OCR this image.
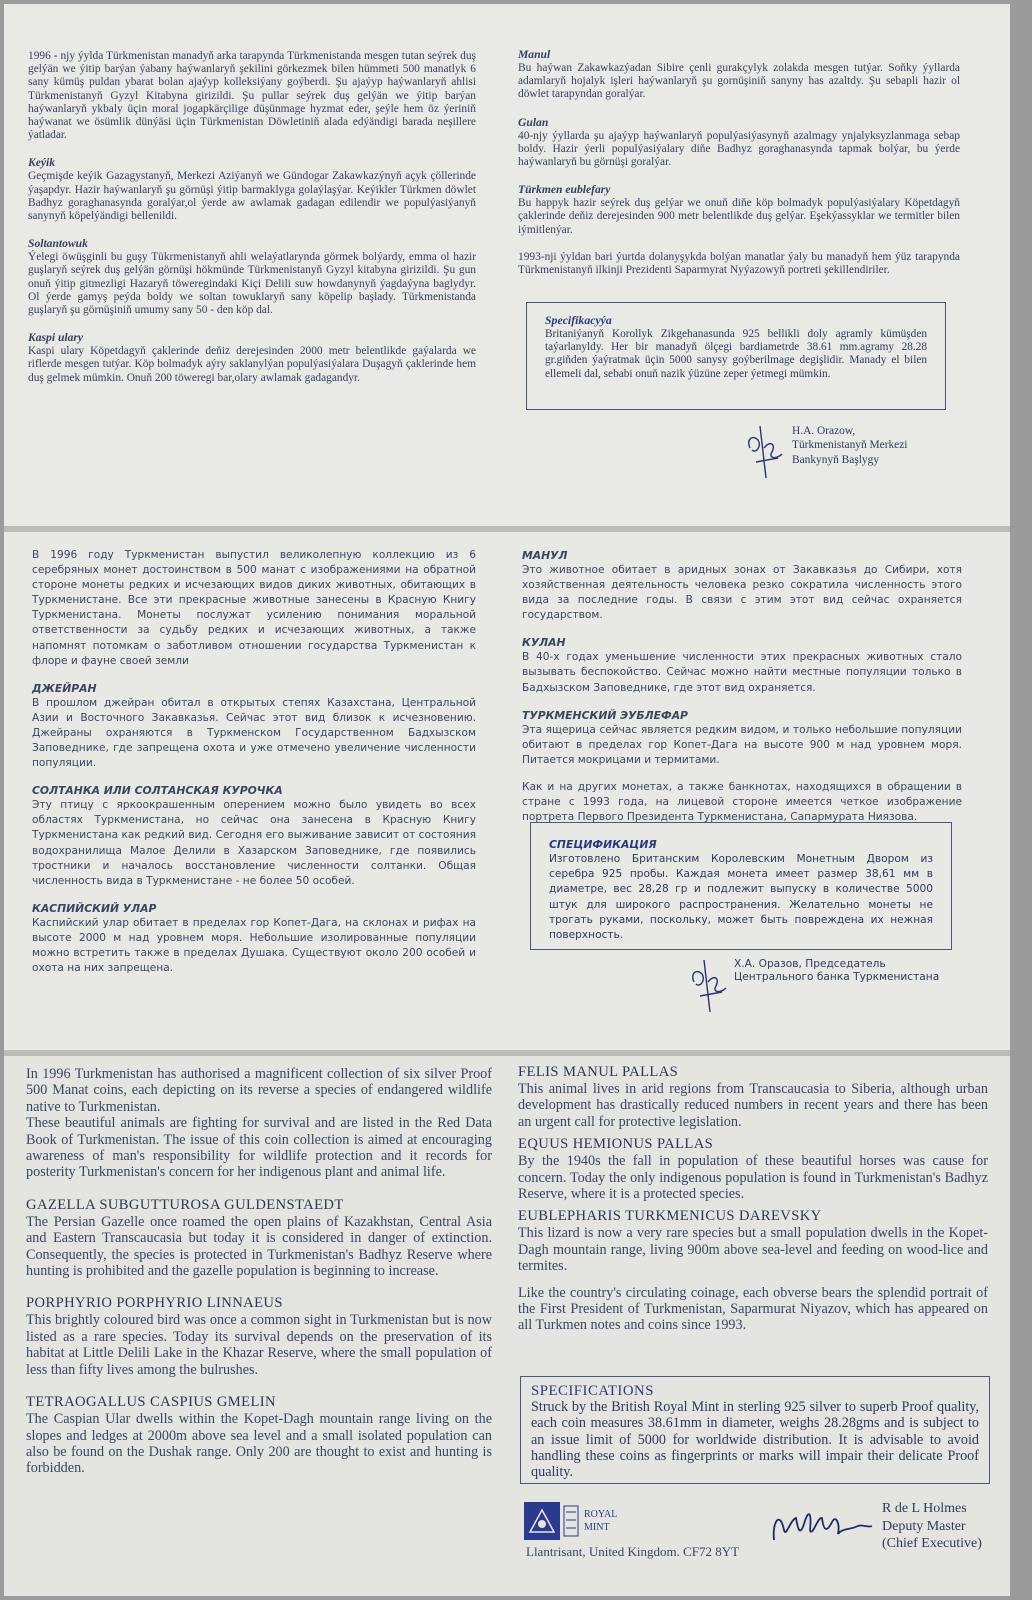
1996 - njy ýylda Türkmenistan manadyň arka tarapynda Türkmenistanda mesgen tutan seýrek duş gelýän we ýitip barýan ýabany haýwanlaryň şekilini görkezmek bilen hümmeti 500 manatlyk 6 sany kümüş puldan ybarat bolan ajaýyp kolleksiýany goýberdi. Şu ajaýyp haýwanlaryň ahlisi Türkmenistanyň Gyzyl Kitabyna girizildi. Şu pullar seýrek duş gelýän we ýitip barýan haýwanlaryň ykbaly üçin moral jogapkärçiligе düşünmage hyzmat eder, şeýle hem öz ýeriniň haýwanat we ösümlik dünýäsi üçin Türkmenistan Döwletiniň alada edýändigi barada neşillere ýatladar.

Keýik

Geçmişde keýik Gazagystanyň, Merkezi Aziýanyň we Gündogar Zakawkazýnyň açyk çöllerinde ýaşapdyr. Hazir haýwanlaryň şu görnüşi ýitip barmaklyga golaýlaşýar. Keýikler Türkmen döwlet Badhyz goraghanasynda goralýar,ol ýerde aw awlamak gadagan edilendir we populýasiýanyň sanynyň köpelýändigi bellenildi.

Soltantowuk

Ýelegi öwüşginli bu guşy Tükrmenistanyň ahli welaýatlarynda görmek bolýardy, emma ol hazir guşlaryň seýrek duş gelýän görnüşi hökmünde Türkmenistanyň Gyzyl kitabyna girizildi. Şu gun onuň ýitip gitmezligi Hazaryň töweregindaki Kiçi Delili suw howdanynyň ýagdaýyna baglydyr. Ol ýerde gamyş peýda boldy we soltan towuklaryň sany köpelip başlady. Türkmenistanda guşlaryň şu görnüşiniň umumy sany 50 - den köp dal.

Kaspi ulary

Kaspi ulary Köpetdagyň çaklerinde deňiz derejesinden 2000 metr belentlikde gaýalarda we riflerde mesgen tutýar. Köp bolmadyk aýry saklanylýan populýasiýalara Duşagyň çaklerinde hem duş gelmek mümkin. Onuň 200 töweregi bar,olary awlamak gadagandyr.

Manul

Bu haýwan Zakawkazýadan Sibire çenli gurakçylyk zolakda mesgen tutýar. Soňky ýyllarda adamlaryň hojalyk işleri haýwanlaryň şu gornüşiniň sanyny has azaltdy. Şu sebapli hazir ol döwlet tarapyndan goralýar.

Gulan

40-njy ýyllarda şu ajaýyp haýwanlaryň populýasiýasynyň azalmagy ynjalyksyzlanmaga sebap boldy. Hazir ýerli populýasiýalary diňe Badhyz goraghanasynda tapmak bolýar, bu ýerde haýwanlaryň bu görnüşi goralýar.

Türkmen eublefary

Bu happyk hazir seýrek duş gelýar we onuň diňe köp bolmadyk populýasiýalary Köpetdagyň çaklerinde deňiz derejesinden 900 metr belentlikde duş gelýar. Eşekýassyklar we termitler bilen iýmitlenýar.

1993-nji ýyldan bari ýurtda dolanyşykda bolýan manatlar ýaly bu manadyň hem ýüz tarapynda Türkmenistanyň ilkinji Prezidenti Saparmyrat Nyýazowyň portreti şekillendiriler.

Specifikacyýa

Britaniýanyň Korollyk Zikgehanasunda 925 bellikli doly agramly kümüşden taýarlanyldy. Her bir manadyň ölçegi bardiametrde 38.61 mm.agramy 28.28 gr.giňden ýaýratmak üçin 5000 sanysy goýberilmage degişlidir. Manady el bilen ellemeli dal, sebabi onuň nazik ýüzüne zeper ýetmegi mümkin.

H.A. Orazow,
Türkmenistanyň Merkezi
Bankynyň Başlygy

В 1996 году Туркменистан выпустил великолепную коллекцию из 6 серебряных монет достоинством в 500 манат с изображениями на обратной стороне монеты редких и исчезающих видов диких животных, обитающих в Туркменистане. Все эти прекрасные животные занесены в Красную Книгу Туркменистана. Монеты послужат усилению понимания моральной ответственности за судьбу редких и исчезающих животных, а также напомнят потомкам о заботливом отношении государства Туркменистан к флоре и фауне своей земли

ДЖЕЙРАН

В прошлом джейран обитал в открытых степях Казахстана, Центральной Азии и Восточного Закавказья. Сейчас этот вид близок к исчезновению. Джейраны охраняются в Туркменском Государственном Бадхызском Заповеднике, где запрещена охота и уже отмечено увеличение численности популяции.

СОЛТАНКА ИЛИ СОЛТАНСКАЯ КУРОЧКА

Эту птицу с яркоокрашенным оперением можно было увидеть во всех областях Туркменистана, но сейчас она занесена в Красную Книгу Туркменистана как редкий вид. Сегодня его выживание зависит от состояния водохранилища Малое Делили в Хазарском Заповеднике, где появились тростники и началось восстановление численности солтанки. Общая численность вида в Туркменистане - не более 50 особей.

КАСПИЙСКИЙ УЛАР

Каспийский улар обитает в пределах гор Копет-Дага, на склонах и рифах на высоте 2000 м над уровнем моря. Небольшие изолированные популяции можно встретить также в пределах Душака. Существуют около 200 особей и охота на них запрещена.

МАНУЛ

Это животное обитает в аридных зонах от Закавказья до Сибири, хотя хозяйственная деятельность человека резко сократила численность этого вида за последние годы. В связи с этим этот вид сейчас охраняется государством.

КУЛАН

В 40-х годах уменьшение численности этих прекрасных животных стало вызывать беспокойство. Сейчас можно найти местные популяции только в Бадхызском Заповеднике, где этот вид охраняется.

ТУРКМЕНСКИЙ ЭУБЛЕФАР

Эта ящерица сейчас является редким видом, и только небольшие популяции обитают в пределах гор Копет-Дага на высоте 900 м над уровнем моря. Питается мокрицами и термитами.

Как и на других монетах, а также банкнотах, находящихся в обращении в стране с 1993 года, на лицевой стороне имеется четкое изображение портрета Первого Президента Туркменистана, Сапармурата Ниязова.

СПЕЦИФИКАЦИЯ

Изготовлено Британским Королевским Монетным Двором из серебра 925 пробы. Каждая монета имеет размер 38,61 мм в диаметре, вес 28,28 гр и подлежит выпуску в количестве 5000 штук для широкого распространения. Желательно монеты не трогать руками, поскольку, может быть повреждена их нежная поверхность.

Х.А. Оразов, Председатель
Центрального банка Туркменистана

In 1996 Turkmenistan has authorised a magnificent collection of six silver Proof 500 Manat coins, each depicting on its reverse a species of endangered wildlife native to Turkmenistan.

These beautiful animals are fighting for survival and are listed in the Red Data Book of Turkmenistan. The issue of this coin collection is aimed at encouraging awareness of man's responsibility for wildlife protection and it records for posterity Turkmenistan's concern for her indigenous plant and animal life.

GAZELLA SUBGUTTUROSA GULDENSTAEDT

The Persian Gazelle once roamed the open plains of Kazakhstan, Central Asia and Eastern Transcaucasia but today it is considered in danger of extinction. Consequently, the species is protected in Turkmenistan's Badhyz Reserve where hunting is prohibited and the gazelle population is beginning to increase.

PORPHYRIO PORPHYRIO LINNAEUS

This brightly coloured bird was once a common sight in Turkmenistan but is now listed as a rare species. Today its survival depends on the preservation of its habitat at Little Delili Lake in the Khazar Reserve, where the small population of less than fifty lives among the bulrushes.

TETRAOGALLUS CASPIUS GMELIN

The Caspian Ular dwells within the Kopet-Dagh mountain range living on the slopes and ledges at 2000m above sea level and a small isolated population can also be found on the Dushak range. Only 200 are thought to exist and hunting is forbidden.

FELIS MANUL PALLAS

This animal lives in arid regions from Transcaucasia to Siberia, although urban development has drastically reduced numbers in recent years and there has been an urgent call for protective legislation.

EQUUS HEMIONUS PALLAS

By the 1940s the fall in population of these beautiful horses was cause for concern. Today the only indigenous population is found in Turkmenistan's Badhyz Reserve, where it is a protected species.

EUBLEPHARIS TURKMENICUS DAREVSKY

This lizard is now a very rare species but a small population dwells in the Kopet-Dagh mountain range, living 900m above sea-level and feeding on wood-lice and termites.

Like the country's circulating coinage, each obverse bears the splendid portrait of the First President of Turkmenistan, Saparmurat Niyazov, which has appeared on all Turkmen notes and coins since 1993.

SPECIFICATIONS

Struck by the British Royal Mint in sterling 925 silver to superb Proof quality, each coin measures 38.61mm in diameter, weighs 28.28gms and is subject to an issue limit of 5000 for worldwide distribution. It is advisable to avoid handling these coins as fingerprints or marks will impair their delicate Proof quality.

ROYAL
MINT
Llantrisant, United Kingdom. CF72 8YT
R de L Holmes
Deputy Master
(Chief Executive)
